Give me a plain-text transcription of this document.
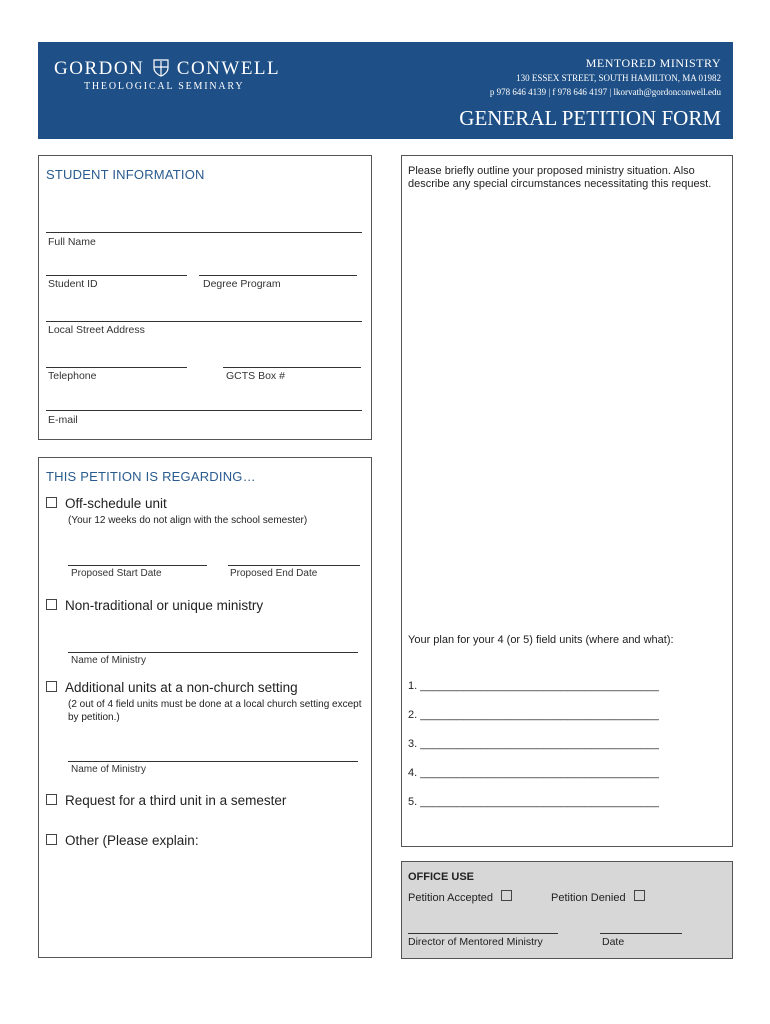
GORDON CONWELL
THEOLOGICAL SEMINARY
MENTORED MINISTRY
130 ESSEX STREET, SOUTH HAMILTON, MA 01982
p 978 646 4139 | f 978 646 4197 | lkorvath@gordonconwell.edu
GENERAL PETITION FORM
STUDENT INFORMATION
Full Name
Student ID	Degree Program
Local Street Address
Telephone	GCTS Box #
E-mail
THIS PETITION IS REGARDING…
Off-schedule unit
(Your 12 weeks do not align with the school semester)
Proposed Start Date	Proposed End Date
Non-traditional or unique ministry
Name of Ministry
Additional units at a non-church setting
(2 out of 4 field units must be done at a local church setting except by petition.)
Name of Ministry
Request for a third unit in a semester
Other (Please explain:
Please briefly outline your proposed ministry situation. Also describe any special circumstances necessitating this request.
Your plan for your 4 (or 5) field units (where and what):
1. _______________________________________
2. _______________________________________
3. _______________________________________
4. _______________________________________
5. _______________________________________
OFFICE USE
Petition Accepted	Petition Denied
Director of Mentored Ministry	Date
